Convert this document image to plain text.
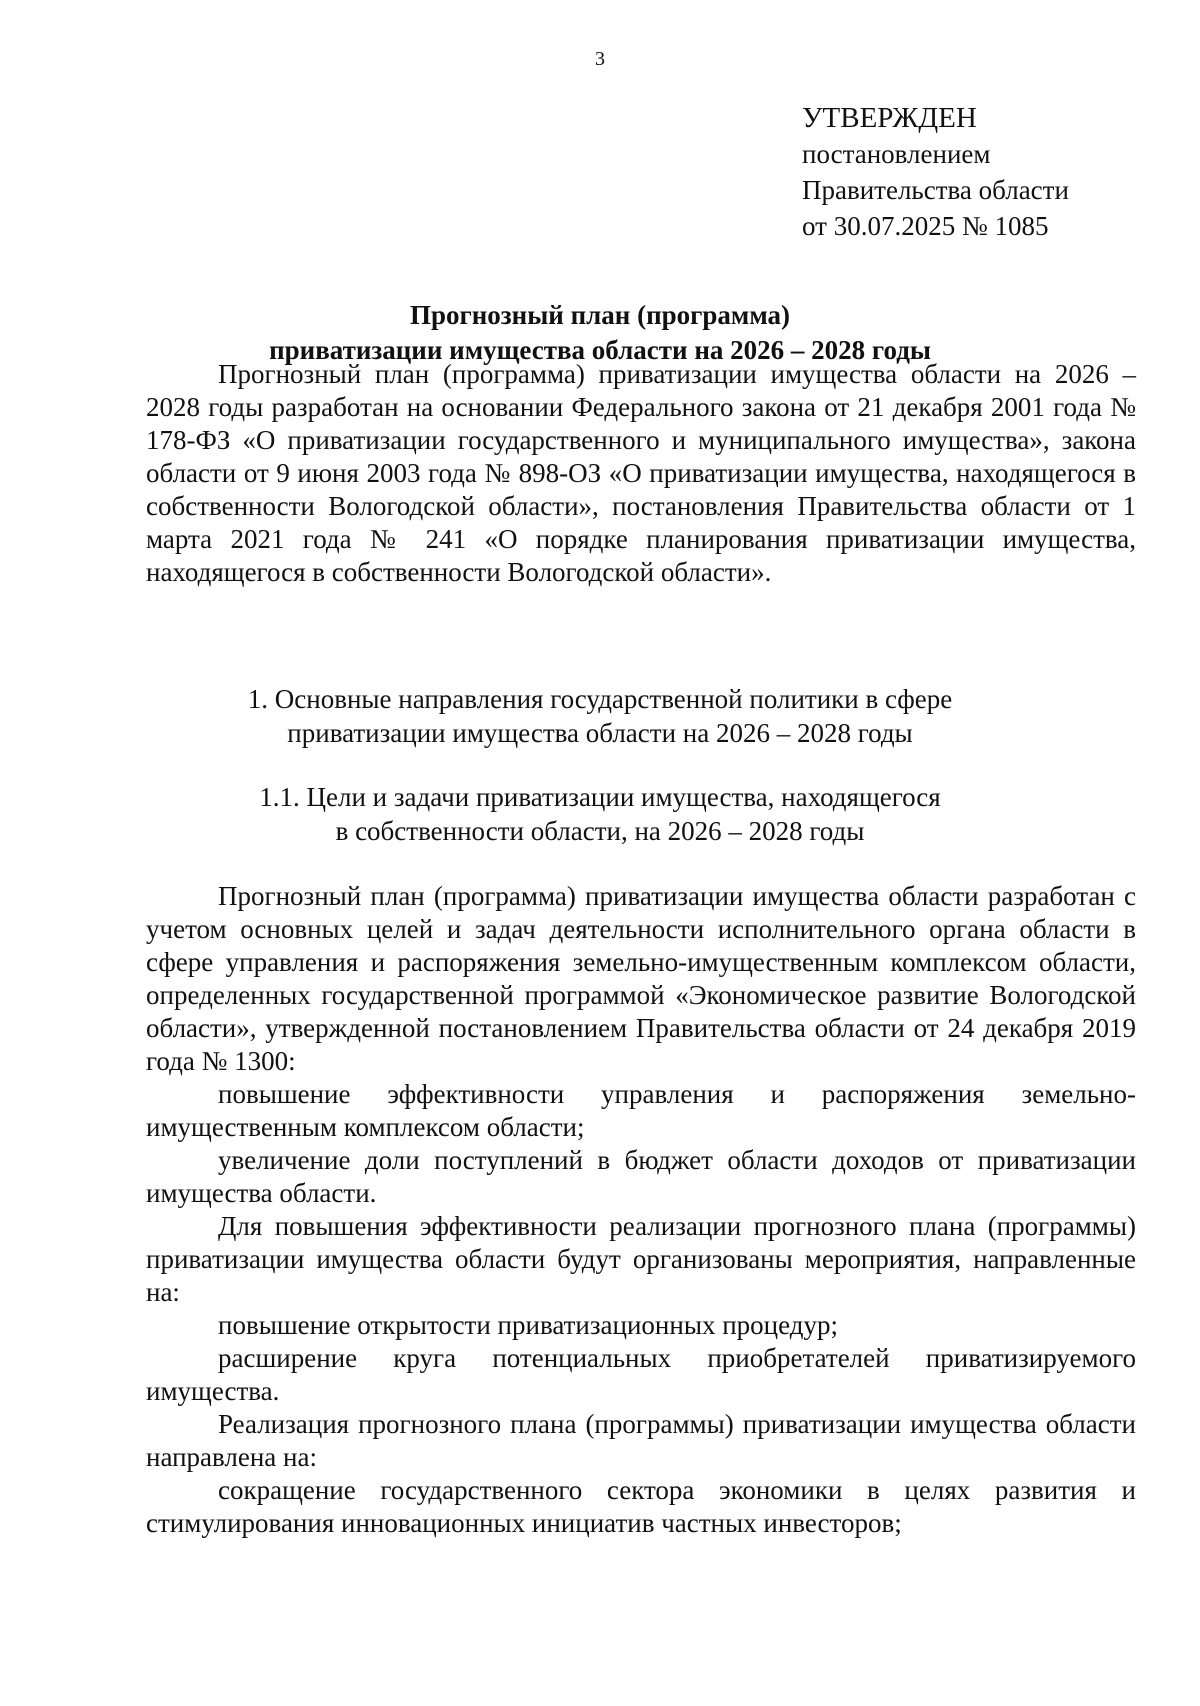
3
УТВЕРЖДЕН
постановлением
Правительства области
от 30.07.2025 № 1085
Прогнозный план (программа)
приватизации имущества области на 2026 – 2028 годы

Прогнозный план (программа) приватизации имущества области на 2026 – 2028 годы разработан на основании Федерального закона от 21 декабря 2001 года № 178-ФЗ «О приватизации государственного и муниципального имущества», закона области от 9 июня 2003 года № 898-ОЗ «О приватизации имущества, находящегося в собственности Вологодской области», постановления Правительства области от 1 марта 2021 года № 241 «О порядке планирования приватизации имущества, находящегося в собственности Вологодской области».

1. Основные направления государственной политики в сфере
приватизации имущества области на 2026 – 2028 годы
1.1. Цели и задачи приватизации имущества, находящегося
в собственности области, на 2026 – 2028 годы

Прогнозный план (программа) приватизации имущества области разработан с учетом основных целей и задач деятельности исполнительного органа области в сфере управления и распоряжения земельно-имущественным комплексом области, определенных государственной программой «Экономическое развитие Вологодской области», утвержденной постановлением Правительства области от 24 декабря 2019 года № 1300:

повышение эффективности управления и распоряжения земельно-имущественным комплексом области;

увеличение доли поступлений в бюджет области доходов от приватизации имущества области.

Для повышения эффективности реализации прогнозного плана (программы) приватизации имущества области будут организованы мероприятия, направленные на:

повышение открытости приватизационных процедур;

расширение круга потенциальных приобретателей приватизируемого имущества.

Реализация прогнозного плана (программы) приватизации имущества области направлена на:

сокращение государственного сектора экономики в целях развития и стимулирования инновационных инициатив частных инвесторов;
